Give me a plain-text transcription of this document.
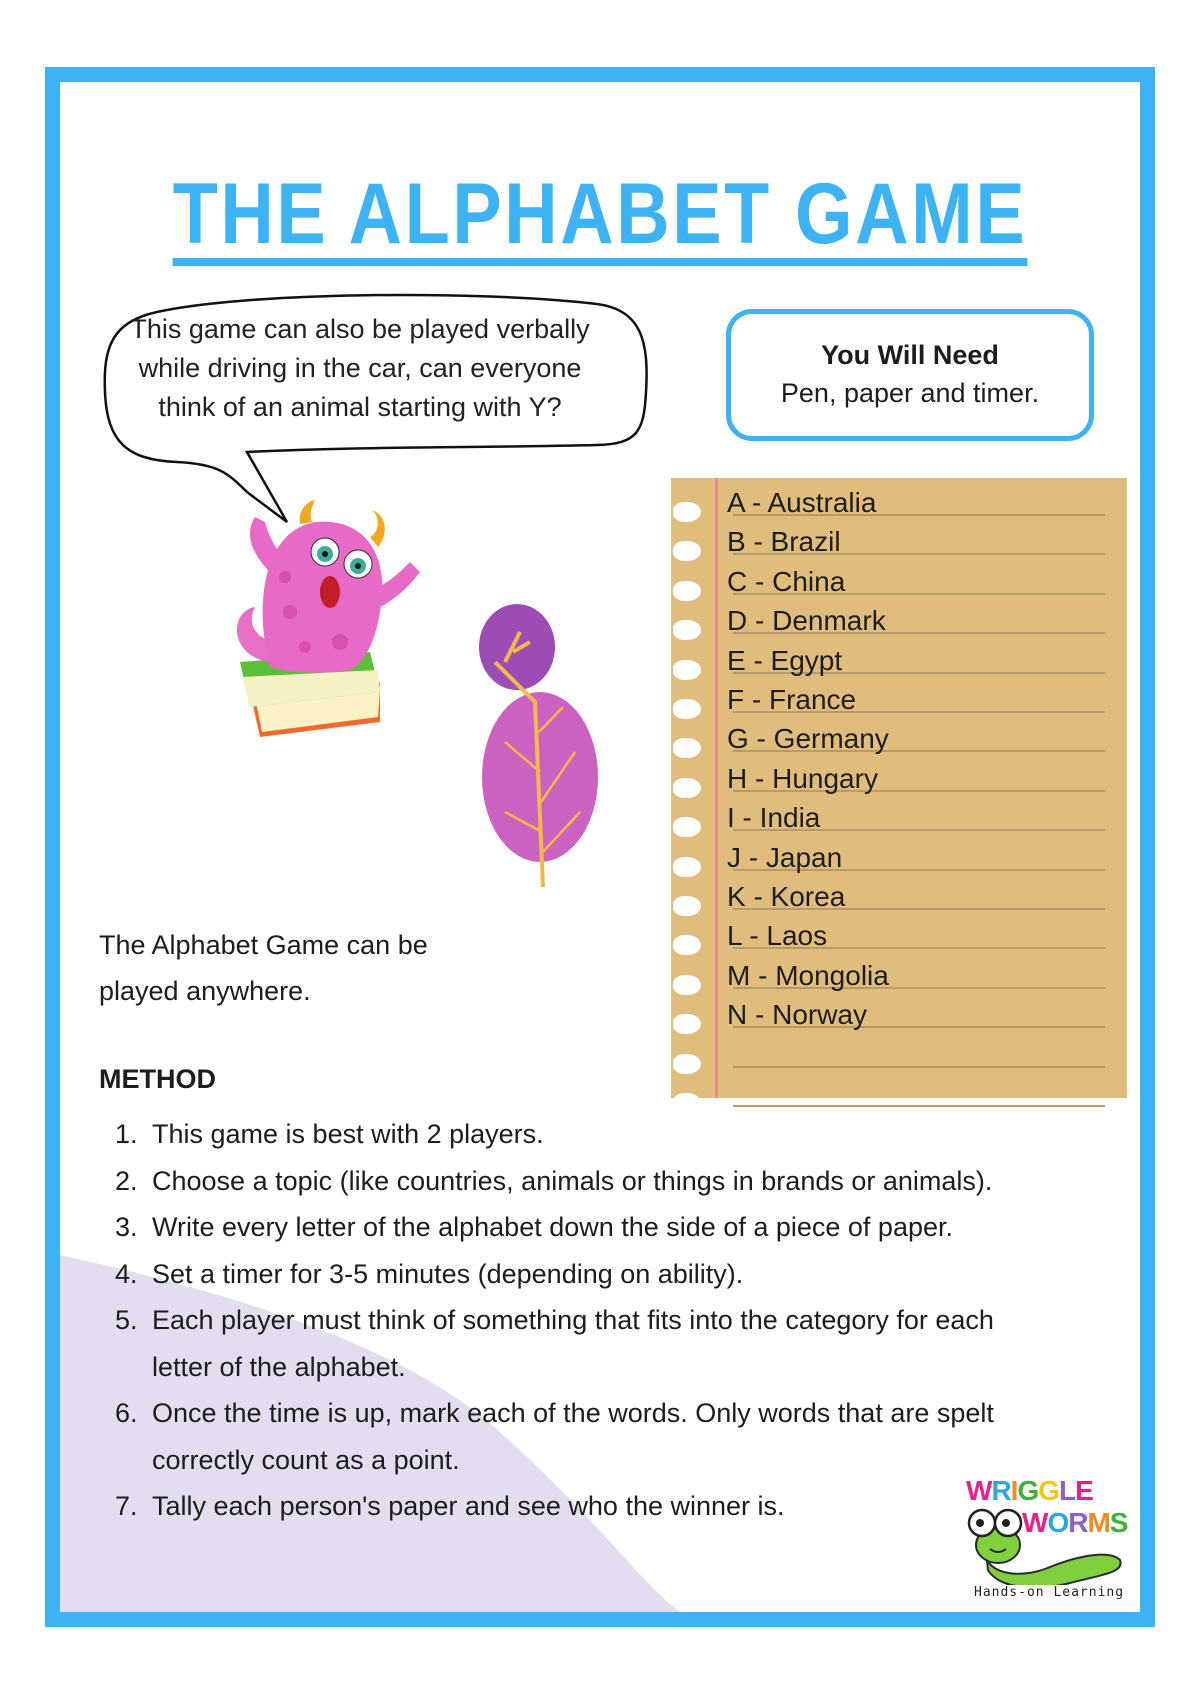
THE ALPHABET GAME
This game can also be played verbally
while driving in the car, can everyone
think of an animal starting with Y?
You Will Need
Pen, paper and timer.
A - Australia
B - Brazil
C - China
D - Denmark
E - Egypt
F - France
G - Germany
H - Hungary
I - India
J - Japan
K - Korea
L - Laos
M - Mongolia
N - Norway
The Alphabet Game can be
played anywhere.
METHOD
1. This game is best with 2 players.
2. Choose a topic (like countries, animals or things in brands or animals).
3. Write every letter of the alphabet down the side of a piece of paper.
4. Set a timer for 3-5 minutes (depending on ability).
5. Each player must think of something that fits into the category for each letter of the alphabet.
6. Once the time is up, mark each of the words. Only words that are spelt correctly count as a point.
7. Tally each person's paper and see who the winner is.	WRIGGLE
WORMS
Hands-on Learning
